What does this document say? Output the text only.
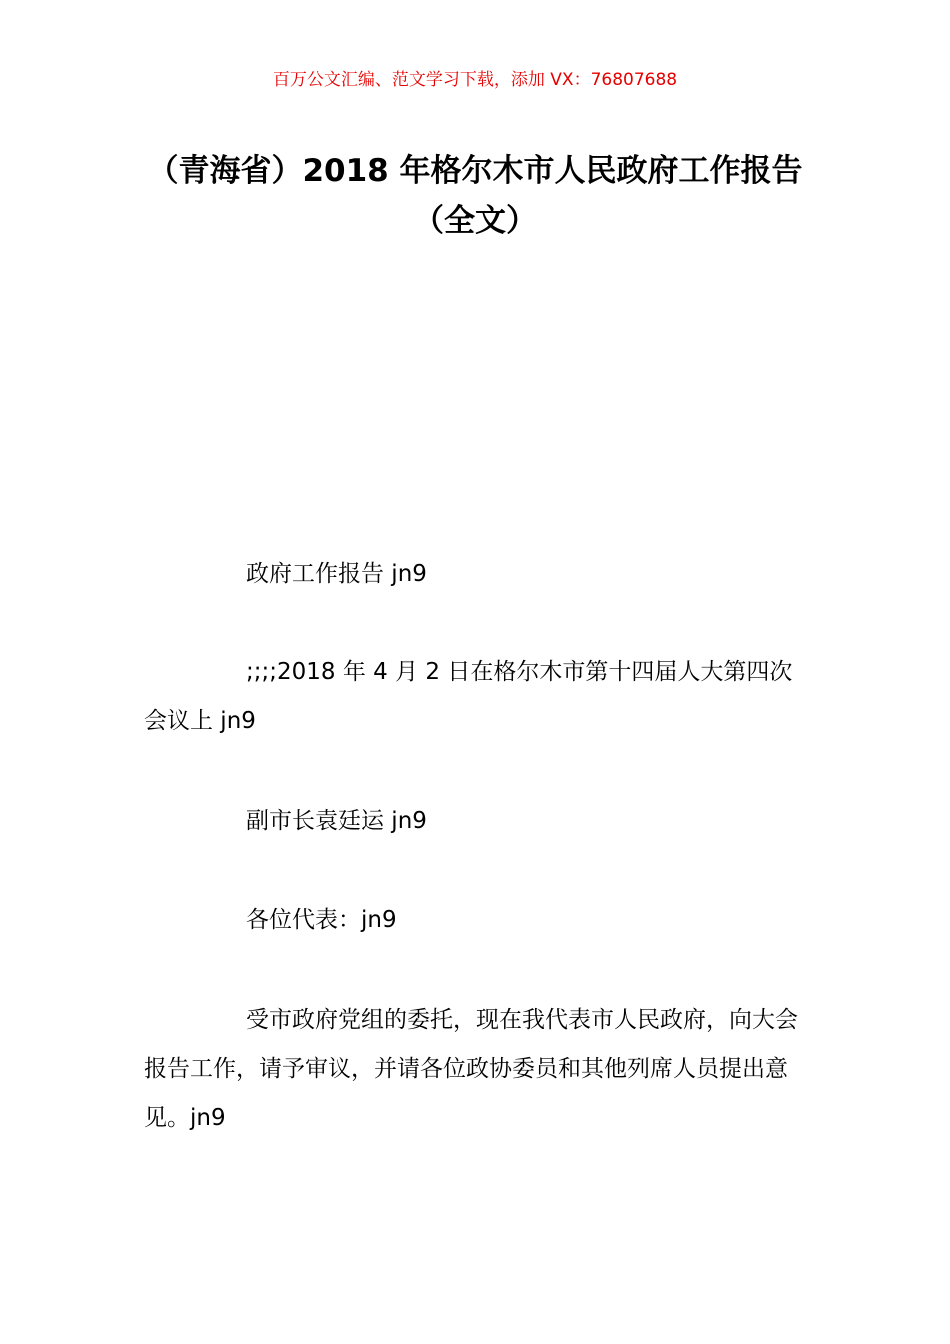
百万公文汇编、范文学习下载，添加 VX：76807688
（青海省）2018 年格尔木市人民政府工作报告（全文）

政府工作报告 jn9

;;;;2018 年 4 月 2 日在格尔木市第十四届人大第四次会议上 jn9

副市长袁廷运 jn9

各位代表：jn9

受市政府党组的委托，现在我代表市人民政府，向大会报告工作，请予审议，并请各位政协委员和其他列席人员提出意见。jn9
